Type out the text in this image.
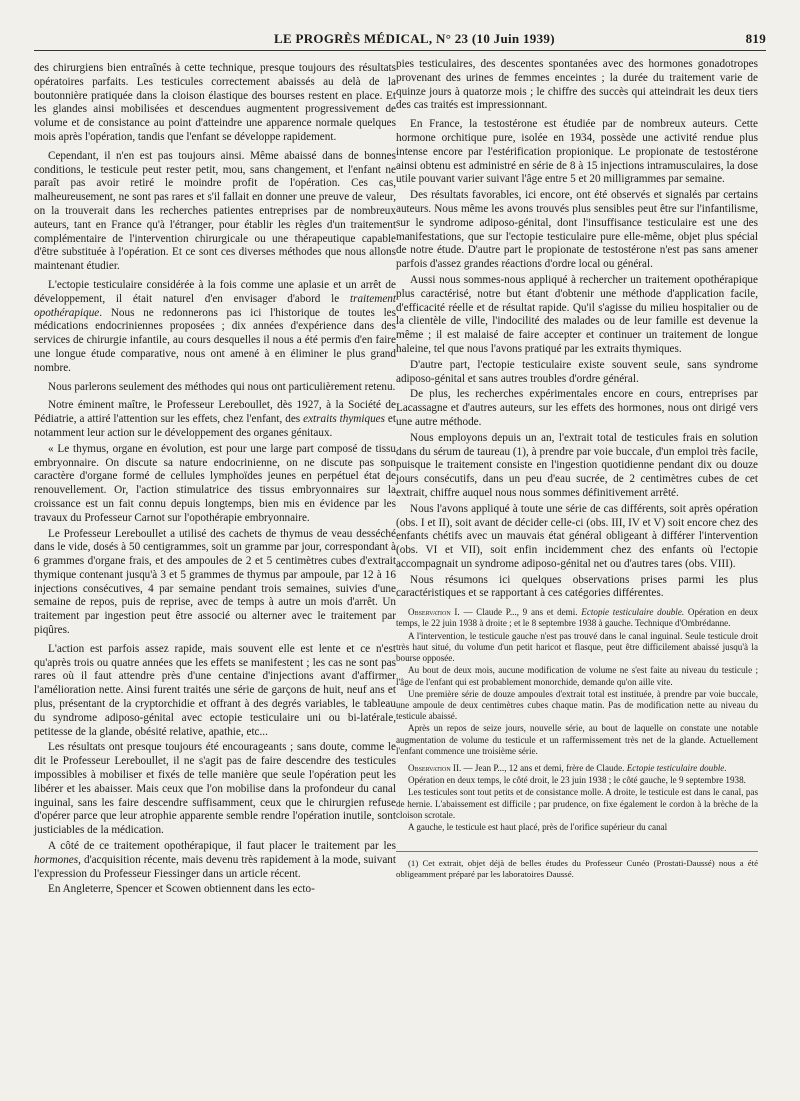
LE PROGRÈS MÉDICAL, N° 23 (10 Juin 1939)	819

des chirurgiens bien entraînés à cette technique, presque toujours des résultats opératoires parfaits. Les testicules correctement abaissés au delà de la boutonnière pratiquée dans la cloison élastique des bourses restent en place. Et les glandes ainsi mobilisées et descendues augmentent progressivement de volume et de consistance au point d'atteindre une apparence normale quelques mois après l'opération, tandis que l'enfant se développe rapidement.

Cependant, il n'en est pas toujours ainsi. Même abaissé dans de bonnes conditions, le testicule peut rester petit, mou, sans changement, et l'enfant ne paraît pas avoir retiré le moindre profit de l'opération. Ces cas, malheureusement, ne sont pas rares et s'il fallait en donner une preuve de valeur, on la trouverait dans les recherches patientes entreprises par de nombreux auteurs, tant en France qu'à l'étranger, pour établir les règles d'un traitement complémentaire de l'intervention chirurgicale ou une thérapeutique capable d'être substituée à l'opération. Et ce sont ces diverses méthodes que nous allons maintenant étudier.

L'ectopie testiculaire considérée à la fois comme une aplasie et un arrêt de développement, il était naturel d'en envisager d'abord le traitement opothérapique. Nous ne redonnerons pas ici l'historique de toutes les médications endocriniennes proposées ; dix années d'expérience dans des services de chirurgie infantile, au cours desquelles il nous a été permis d'en faire une longue étude comparative, nous ont amené à en éliminer le plus grand nombre.

Nous parlerons seulement des méthodes qui nous ont particulièrement retenu.

Notre éminent maître, le Professeur Lereboullet, dès 1927, à la Société de Pédiatrie, a attiré l'attention sur les effets, chez l'enfant, des extraits thymiques et notamment leur action sur le développement des organes génitaux.

« Le thymus, organe en évolution, est pour une large part composé de tissu embryonnaire. On discute sa nature endocrinienne, on ne discute pas son caractère d'organe formé de cellules lymphoïdes jeunes en perpétuel état de renouvellement. Or, l'action stimulatrice des tissus embryonnaires sur la croissance est un fait connu depuis longtemps, bien mis en évidence par les travaux du Professeur Carnot sur l'opothérapie embryonnaire.

Le Professeur Lereboullet a utilisé des cachets de thymus de veau desséché dans le vide, dosés à 50 centigrammes, soit un gramme par jour, correspondant à 6 grammes d'organe frais, et des ampoules de 2 et 5 centimètres cubes d'extrait thymique contenant jusqu'à 3 et 5 grammes de thymus par ampoule, par 12 à 16 injections consécutives, 4 par semaine pendant trois semaines, suivies d'une semaine de repos, puis de reprise, avec de temps à autre un mois d'arrêt. Un traitement par ingestion peut être associé ou alterner avec le traitement par piqûres.

L'action est parfois assez rapide, mais souvent elle est lente et ce n'est qu'après trois ou quatre années que les effets se manifestent ; les cas ne sont pas rares où il faut attendre près d'une centaine d'injections avant d'affirmer l'amélioration nette. Ainsi furent traités une série de garçons de huit, neuf ans et plus, présentant de la cryptorchidie et offrant à des degrés variables, le tableau du syndrome adiposo-génital avec ectopie testiculaire uni ou bi-latérale, petitesse de la glande, obésité relative, apathie, etc...

Les résultats ont presque toujours été encourageants ; sans doute, comme le dit le Professeur Lereboullet, il ne s'agit pas de faire descendre des testicules impossibles à mobiliser et fixés de telle manière que seule l'opération peut les libérer et les abaisser. Mais ceux que l'on mobilise dans la profondeur du canal inguinal, sans les faire descendre suffisamment, ceux que le chirurgien refuse d'opérer parce que leur atrophie apparente semble rendre l'opération inutile, sont justiciables de la médication.

A côté de ce traitement opothérapique, il faut placer le traitement par les hormones, d'acquisition récente, mais devenu très rapidement à la mode, suivant l'expression du Professeur Fiessinger dans un article récent.

En Angleterre, Spencer et Scowen obtiennent dans les ecto-

pies testiculaires, des descentes spontanées avec des hormones gonadotropes provenant des urines de femmes enceintes ; la durée du traitement varie de quinze jours à quatorze mois ; le chiffre des succès qui atteindrait les deux tiers des cas traités est impressionnant.

En France, la testostérone est étudiée par de nombreux auteurs. Cette hormone orchitique pure, isolée en 1934, possède une activité rendue plus intense encore par l'estérification propionique. Le propionate de testostérone ainsi obtenu est administré en série de 8 à 15 injections intramusculaires, la dose utile pouvant varier suivant l'âge entre 5 et 20 milligrammes par semaine.

Des résultats favorables, ici encore, ont été observés et signalés par certains auteurs. Nous même les avons trouvés plus sensibles peut être sur l'infantilisme, sur le syndrome adiposo-génital, dont l'insuffisance testiculaire est une des manifestations, que sur l'ectopie testiculaire pure elle-même, objet plus spécial de notre étude. D'autre part le propionate de testostérone n'est pas sans amener parfois d'assez grandes réactions d'ordre local ou général.

Aussi nous sommes-nous appliqué à rechercher un traitement opothérapique plus caractérisé, notre but étant d'obtenir une méthode d'application facile, d'efficacité réelle et de résultat rapide. Qu'il s'agisse du milieu hospitalier ou de la clientèle de ville, l'indocilité des malades ou de leur famille est devenue la même ; il est malaisé de faire accepter et continuer un traitement de longue haleine, tel que nous l'avons pratiqué par les extraits thymiques.

D'autre part, l'ectopie testiculaire existe souvent seule, sans syndrome adiposo-génital et sans autres troubles d'ordre général.

De plus, les recherches expérimentales encore en cours, entreprises par Lacassagne et d'autres auteurs, sur les effets des hormones, nous ont dirigé vers une autre méthode.

Nous employons depuis un an, l'extrait total de testicules frais en solution dans du sérum de taureau (1), à prendre par voie buccale, d'un emploi très facile, puisque le traitement consiste en l'ingestion quotidienne pendant dix ou douze jours consécutifs, dans un peu d'eau sucrée, de 2 centimètres cubes de cet extrait, chiffre auquel nous nous sommes définitivement arrêté.

Nous l'avons appliqué à toute une série de cas différents, soit après opération (obs. I et II), soit avant de décider celle-ci (obs. III, IV et V) soit encore chez des enfants chétifs avec un mauvais état général obligeant à différer l'intervention (obs. VI et VII), soit enfin incidemment chez des enfants où l'ectopie accompagnait un syndrome adiposo-génital net ou d'autres tares (obs. VIII).

Nous résumons ici quelques observations prises parmi les plus caractéristiques et se rapportant à ces catégories différentes.

Observation I. — Claude P..., 9 ans et demi. Ectopie testiculaire double. Opération en deux temps, le 22 juin 1938 à droite ; et le 8 septembre 1938 à gauche. Technique d'Ombrédanne.

A l'intervention, le testicule gauche n'est pas trouvé dans le canal inguinal. Seule testicule droit très haut situé, du volume d'un petit haricot et flasque, peut être difficilement abaissé jusqu'à la bourse opposée.

Au bout de deux mois, aucune modification de volume ne s'est faite au niveau du testicule ; l'âge de l'enfant qui est probablement monorchide, demande qu'on aille vite.

Une première série de douze ampoules d'extrait total est instituée, à prendre par voie buccale, une ampoule de deux centimètres cubes chaque matin. Pas de modification nette au niveau du testicule abaissé.

Après un repos de seize jours, nouvelle série, au bout de laquelle on constate une notable augmentation de volume du testicule et un raffermissement très net de la glande. Actuellement l'enfant commence une troisième série.

Observation II. — Jean P..., 12 ans et demi, frère de Claude. Ectopie testiculaire double.

Opération en deux temps, le côté droit, le 23 juin 1938 ; le côté gauche, le 9 septembre 1938.

Les testicules sont tout petits et de consistance molle. A droite, le testicule est dans le canal, pas de hernie. L'abaissement est difficile ; par prudence, on fixe également le cordon à la brèche de la cloison scrotale.

A gauche, le testicule est haut placé, près de l'orifice supérieur du canal

(1) Cet extrait, objet déjà de belles études du Professeur Cunéo (Prostati-Daussé) nous a été obligeamment préparé par les laboratoires Daussé.
